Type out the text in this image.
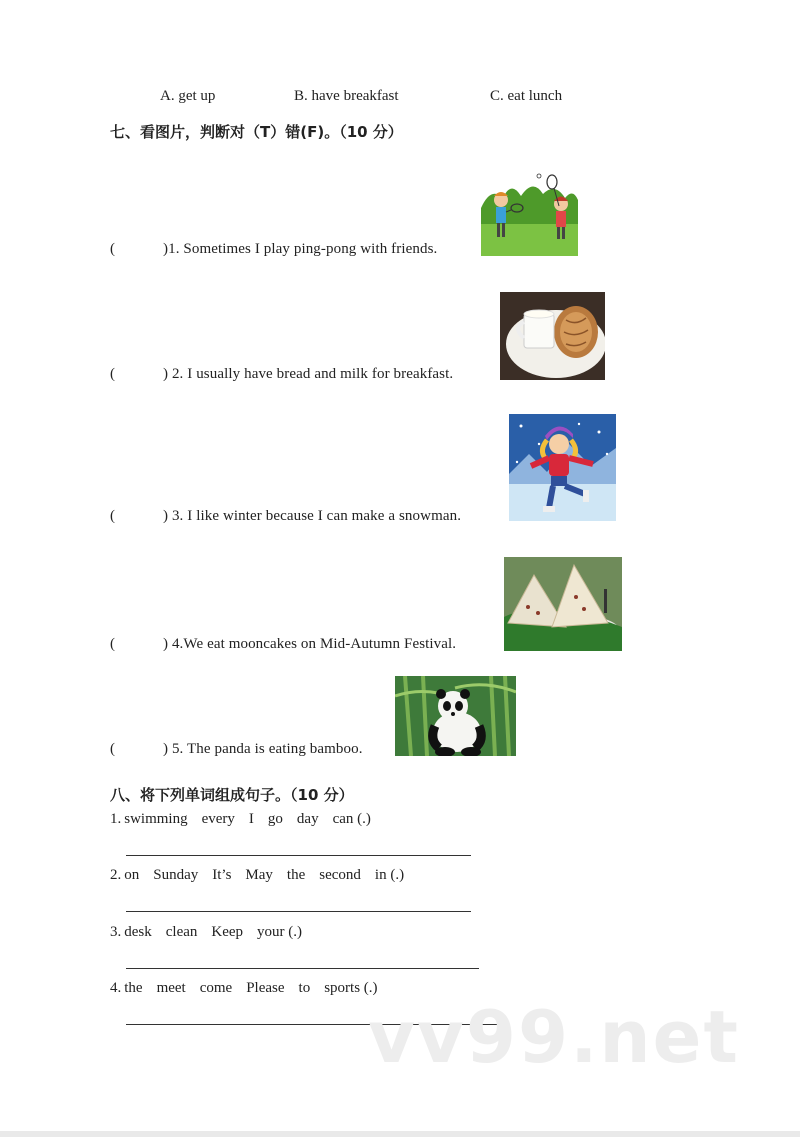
A. get up	B. have breakfast	C. eat lunch
七、看图片，判断对（T）错(F)。（10 分）
(	)1. Sometimes I play ping-pong with friends.
(	) 2. I usually have bread and milk for breakfast.
(	) 3. I like winter because I can make a snowman.
(	) 4.We eat mooncakes on Mid-Autumn Festival.
(	) 5. The panda is eating bamboo.
八、将下列单词组成句子。（10 分）
1. swimming every I go day can (.)
2. on Sunday It’s May the second in (.)
3. desk clean Keep your (.)
4. the meet come Please to sports (.)
vv99.net
